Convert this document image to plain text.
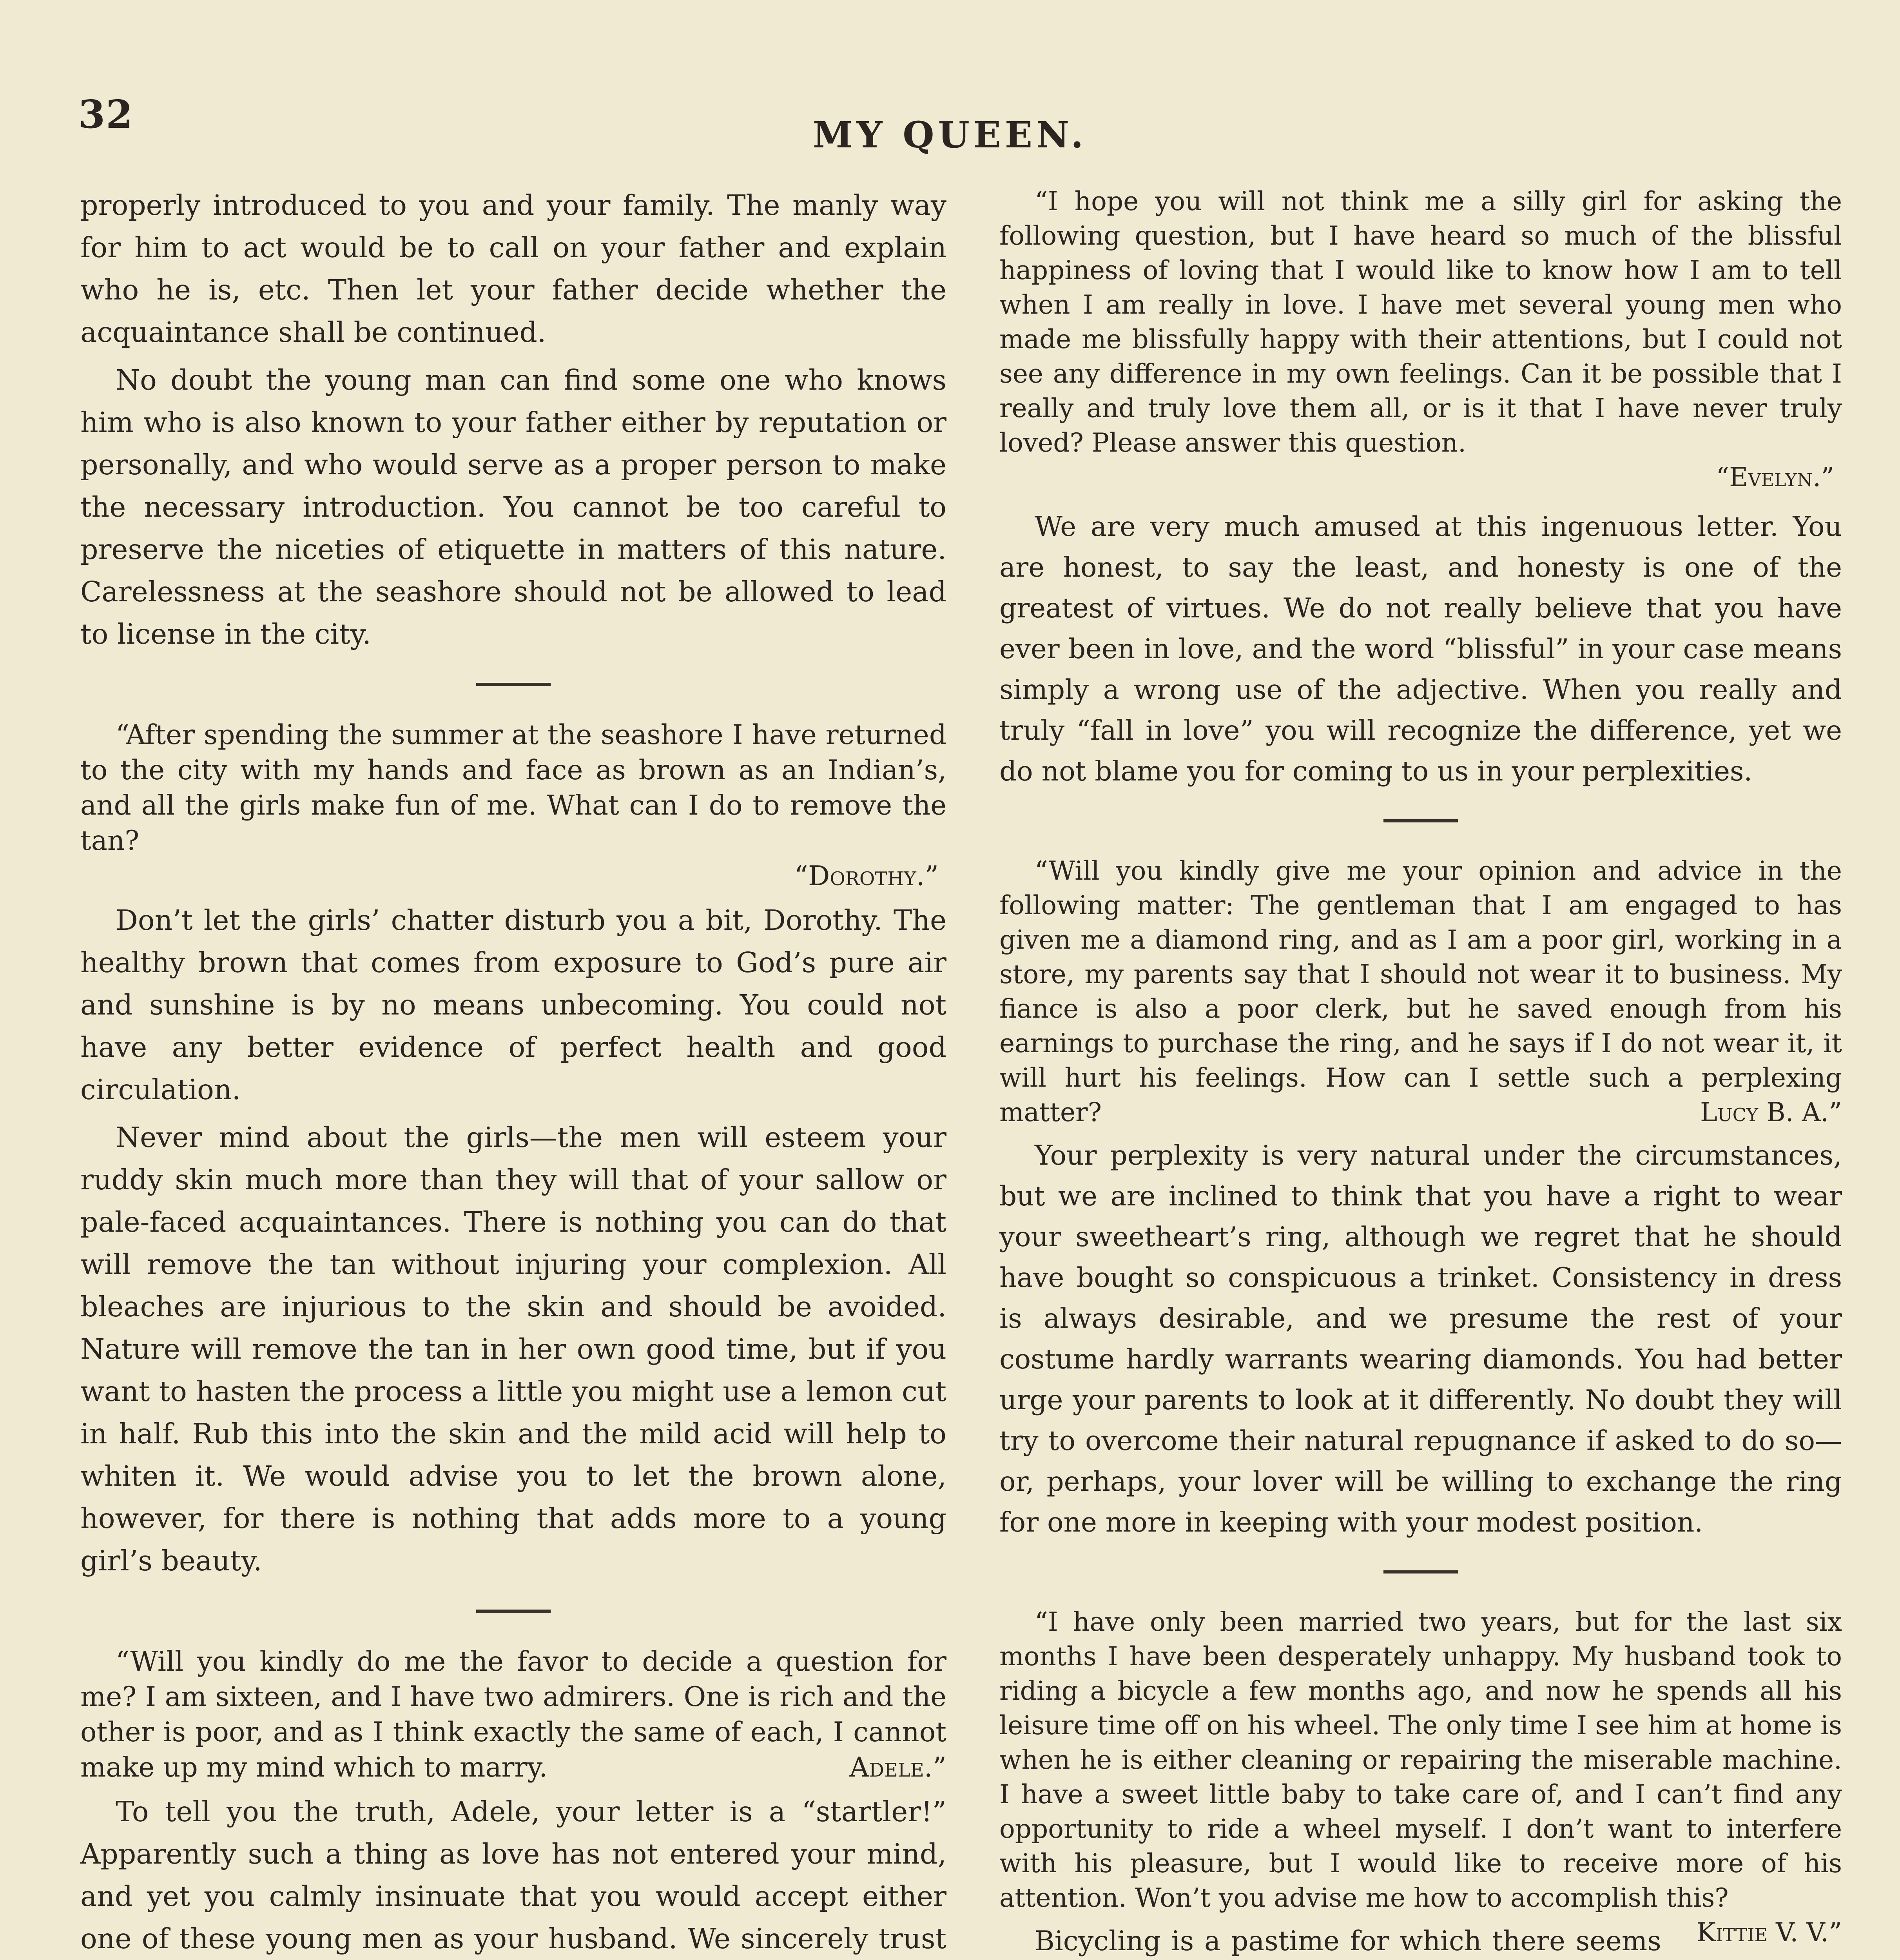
32	MY QUEEN.

properly introduced to you and your family. The manly way for him to act would be to call on your father and explain who he is, etc. Then let your father decide whether the acquaintance shall be continued.

No doubt the young man can find some one who knows him who is also known to your father either by reputation or personally, and who would serve as a proper person to make the necessary introduction. You cannot be too careful to preserve the niceties of etiquette in matters of this nature. Carelessness at the seashore should not be allowed to lead to license in the city.

“After spending the summer at the seashore I have returned to the city with my hands and face as brown as an Indian’s, and all the girls make fun of me. What can I do to remove the tan?
“Dorothy.”

Don’t let the girls’ chatter disturb you a bit, Dorothy. The healthy brown that comes from exposure to God’s pure air and sunshine is by no means unbecoming. You could not have any better evidence of perfect health and good circulation.

Never mind about the girls—the men will esteem your ruddy skin much more than they will that of your sallow or pale-faced acquaintances. There is nothing you can do that will remove the tan without injuring your complexion. All bleaches are injurious to the skin and should be avoided. Nature will remove the tan in her own good time, but if you want to hasten the process a little you might use a lemon cut in half. Rub this into the skin and the mild acid will help to whiten it. We would advise you to let the brown alone, however, for there is nothing that adds more to a young girl’s beauty.

“Will you kindly do me the favor to decide a question for me? I am sixteen, and I have two admirers. One is rich and the other is poor, and as I think exactly the same of each, I cannot make up my mind which to marry.	Adele.”

To tell you the truth, Adele, your letter is a “startler!” Apparently such a thing as love has not entered your mind, and yet you calmly insinuate that you would accept either one of these young men as your husband. We sincerely trust

“I hope you will not think me a silly girl for asking the following question, but I have heard so much of the blissful happiness of loving that I would like to know how I am to tell when I am really in love. I have met several young men who made me blissfully happy with their attentions, but I could not see any difference in my own feelings. Can it be possible that I really and truly love them all, or is it that I have never truly loved? Please answer this question.
“Evelyn.”

We are very much amused at this ingenuous letter. You are honest, to say the least, and honesty is one of the greatest of virtues. We do not really believe that you have ever been in love, and the word “blissful” in your case means simply a wrong use of the adjective. When you really and truly “fall in love” you will recognize the difference, yet we do not blame you for coming to us in your perplexities.

“Will you kindly give me your opinion and advice in the following matter: The gentleman that I am engaged to has given me a diamond ring, and as I am a poor girl, working in a store, my parents say that I should not wear it to business. My fiance is also a poor clerk, but he saved enough from his earnings to purchase the ring, and he says if I do not wear it, it will hurt his feelings. How can I settle such a perplexing matter?	Lucy B. A.”

Your perplexity is very natural under the circumstances, but we are inclined to think that you have a right to wear your sweetheart’s ring, although we regret that he should have bought so conspicuous a trinket. Consistency in dress is always desirable, and we presume the rest of your costume hardly warrants wearing diamonds. You had better urge your parents to look at it differently. No doubt they will try to overcome their natural repugnance if asked to do so—or, perhaps, your lover will be willing to exchange the ring for one more in keeping with your modest position.

“I have only been married two years, but for the last six months I have been desperately unhappy. My husband took to riding a bicycle a few months ago, and now he spends all his leisure time off on his wheel. The only time I see him at home is when he is either cleaning or repairing the miserable machine. I have a sweet little baby to take care of, and I can’t find any opportunity to ride a wheel myself. I don’t want to interfere with his pleasure, but I would like to receive more of his attention. Won’t you advise me how to accomplish this?
Kittie V. V.”

Bicycling is a pastime for which there seems
